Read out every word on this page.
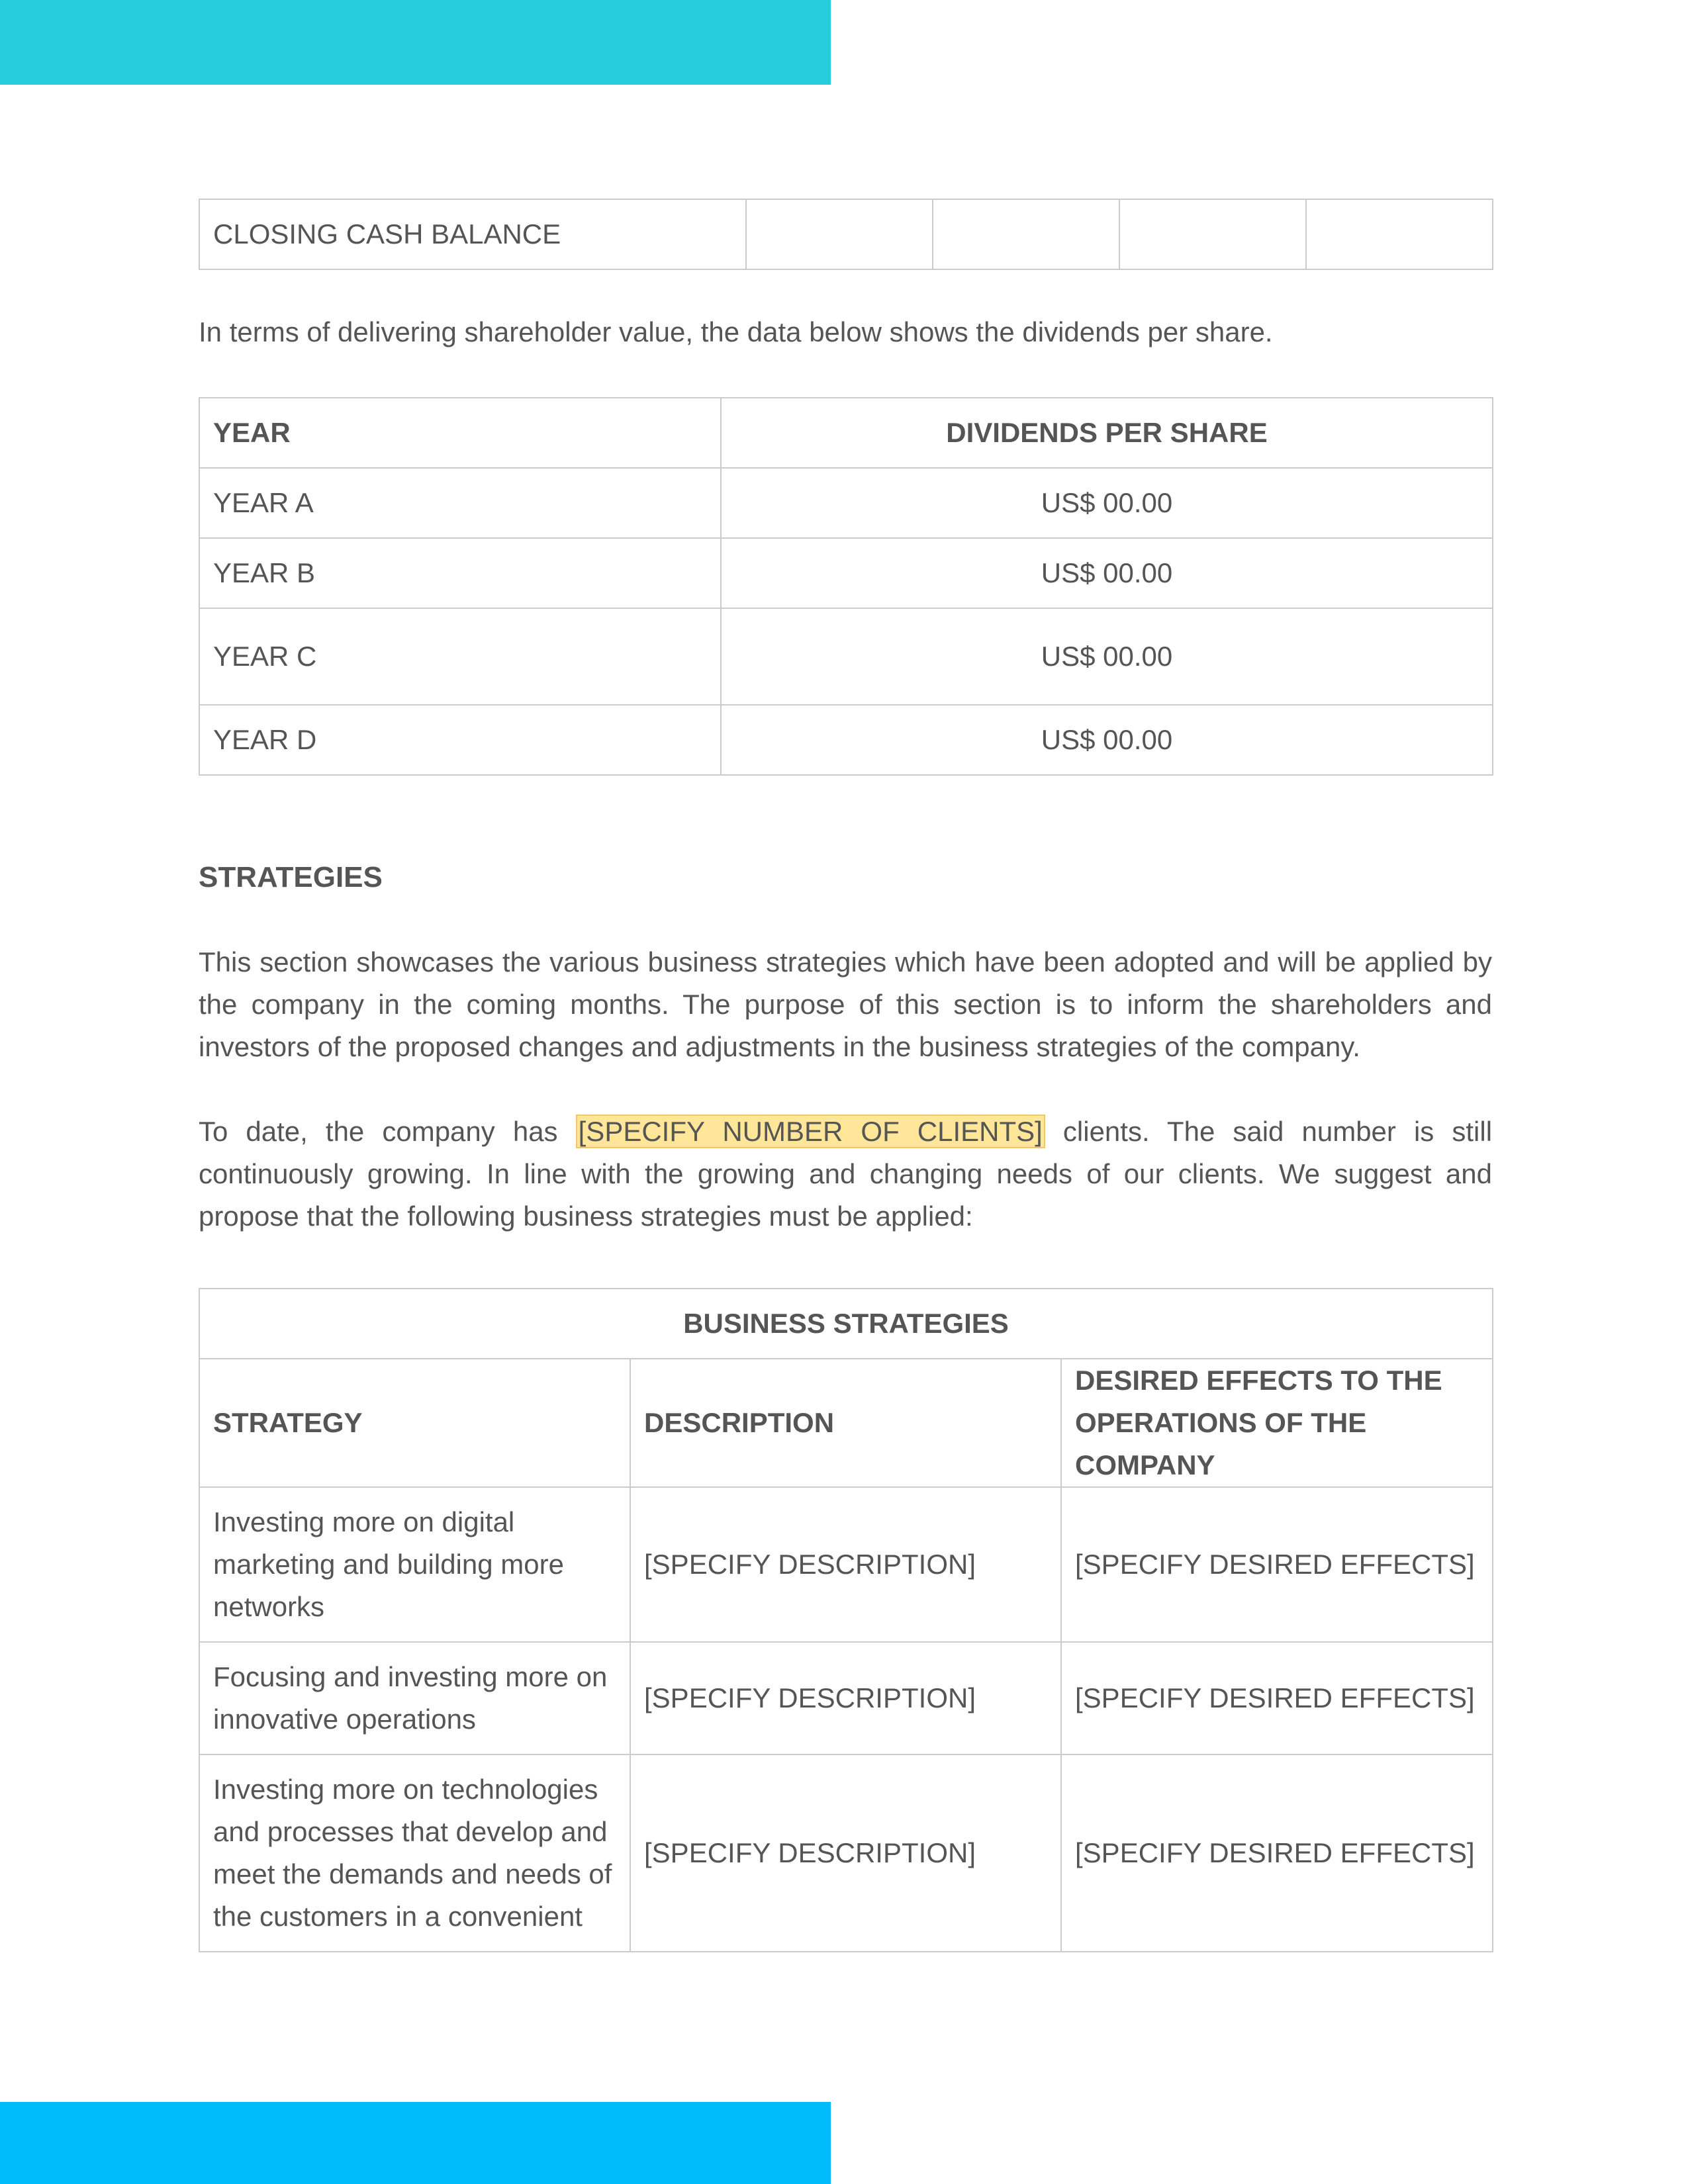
CLOSING CASH BALANCE				

In terms of delivering shareholder value, the data below shows the dividends per share.

YEAR	DIVIDENDS PER SHARE
YEAR A	US$ 00.00
YEAR B	US$ 00.00
YEAR C	US$ 00.00
YEAR D	US$ 00.00
STRATEGIES

This section showcases the various business strategies which have been adopted and will be applied by the company in the coming months. The purpose of this section is to inform the shareholders and investors of the proposed changes and adjustments in the business strategies of the company.

To date, the company has [SPECIFY NUMBER OF CLIENTS] clients. The said number is still continuously growing. In line with the growing and changing needs of our clients. We suggest and propose that the following business strategies must be applied:

BUSINESS STRATEGIES		
STRATEGY	DESCRIPTION	DESIRED EFFECTS TO THE OPERATIONS OF THE COMPANY
Investing more on digital marketing and building more networks	[SPECIFY DESCRIPTION]	[SPECIFY DESIRED EFFECTS]
Focusing and investing more on innovative operations	[SPECIFY DESCRIPTION]	[SPECIFY DESIRED EFFECTS]
Investing more on technologies and processes that develop and meet the demands and needs of the customers in a convenient	[SPECIFY DESCRIPTION]	[SPECIFY DESIRED EFFECTS]
